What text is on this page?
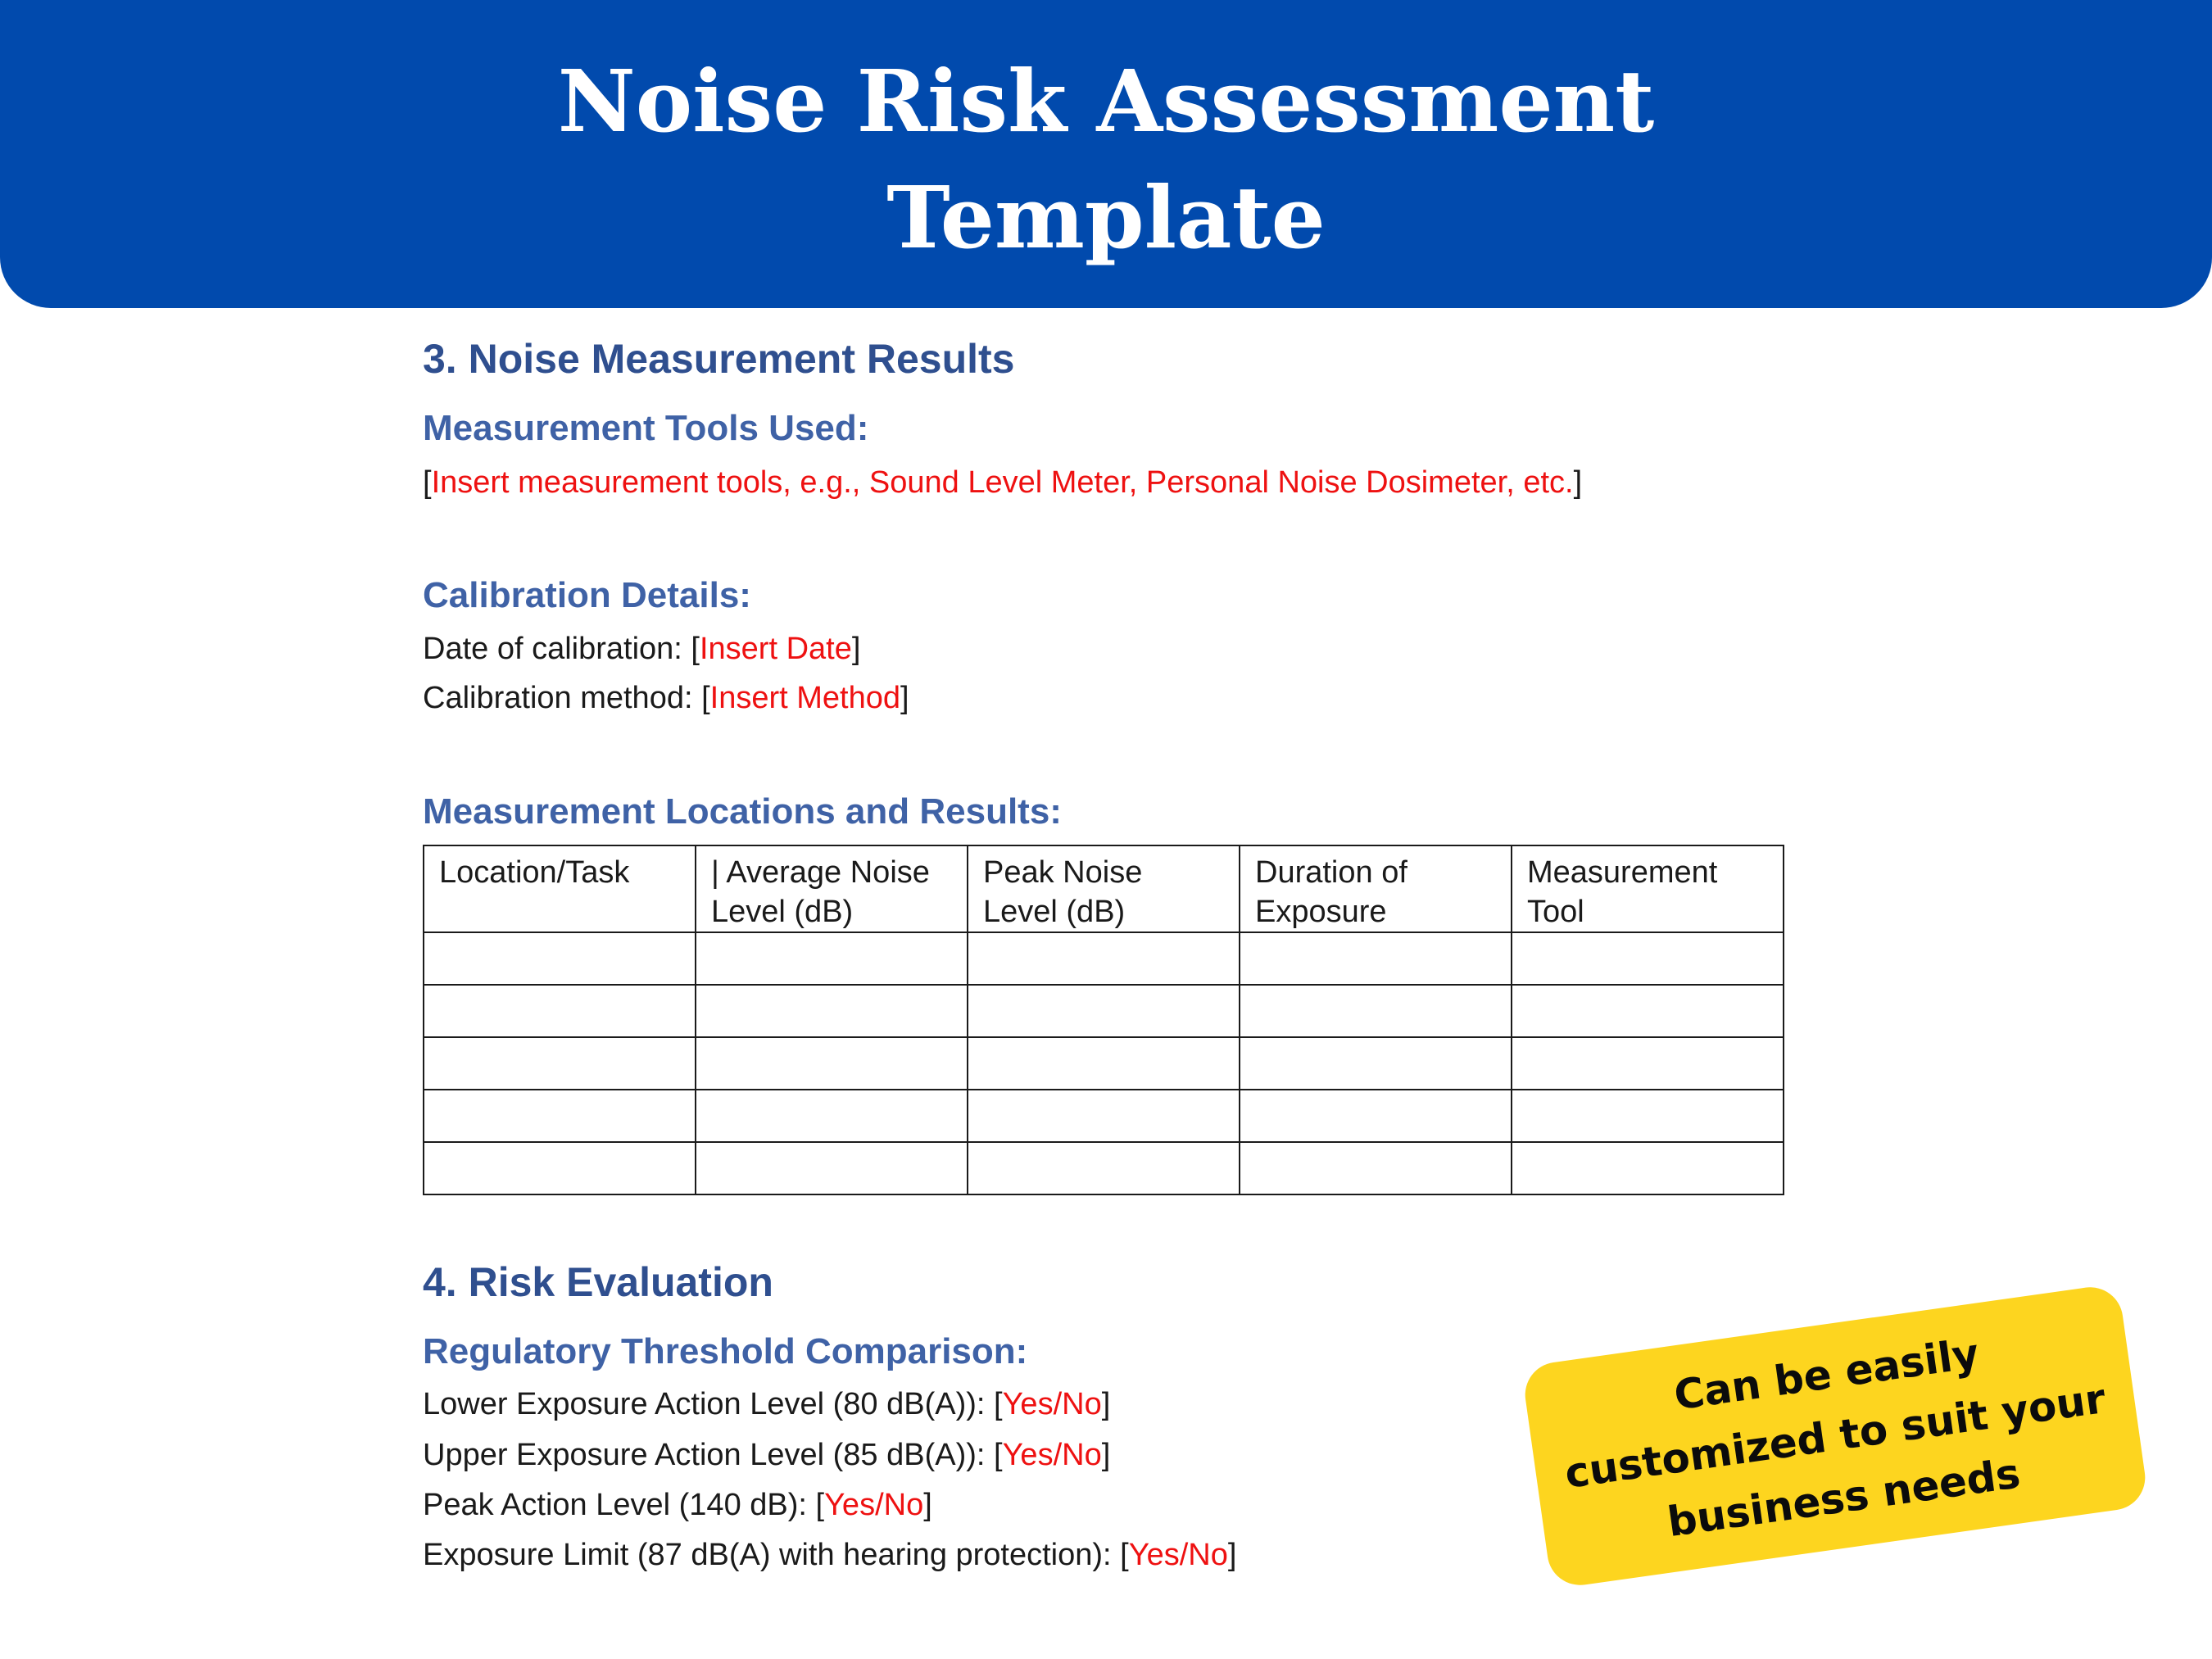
Noise Risk Assessment
Template
3. Noise Measurement Results
Measurement Tools Used:
[Insert measurement tools, e.g., Sound Level Meter, Personal Noise Dosimeter, etc.]
Calibration Details:
Date of calibration: [Insert Date]
Calibration method: [Insert Method]
Measurement Locations and Results:
Location/Task	| Average Noise Level (dB)	Peak Noise Level (dB)	Duration of Exposure	Measurement Tool

4. Risk Evaluation
Regulatory Threshold Comparison:
Lower Exposure Action Level (80 dB(A)): [Yes/No]
Upper Exposure Action Level (85 dB(A)): [Yes/No]
Peak Action Level (140 dB): [Yes/No]
Exposure Limit (87 dB(A) with hearing protection): [Yes/No]
Can be easily customized to suit your business needs
